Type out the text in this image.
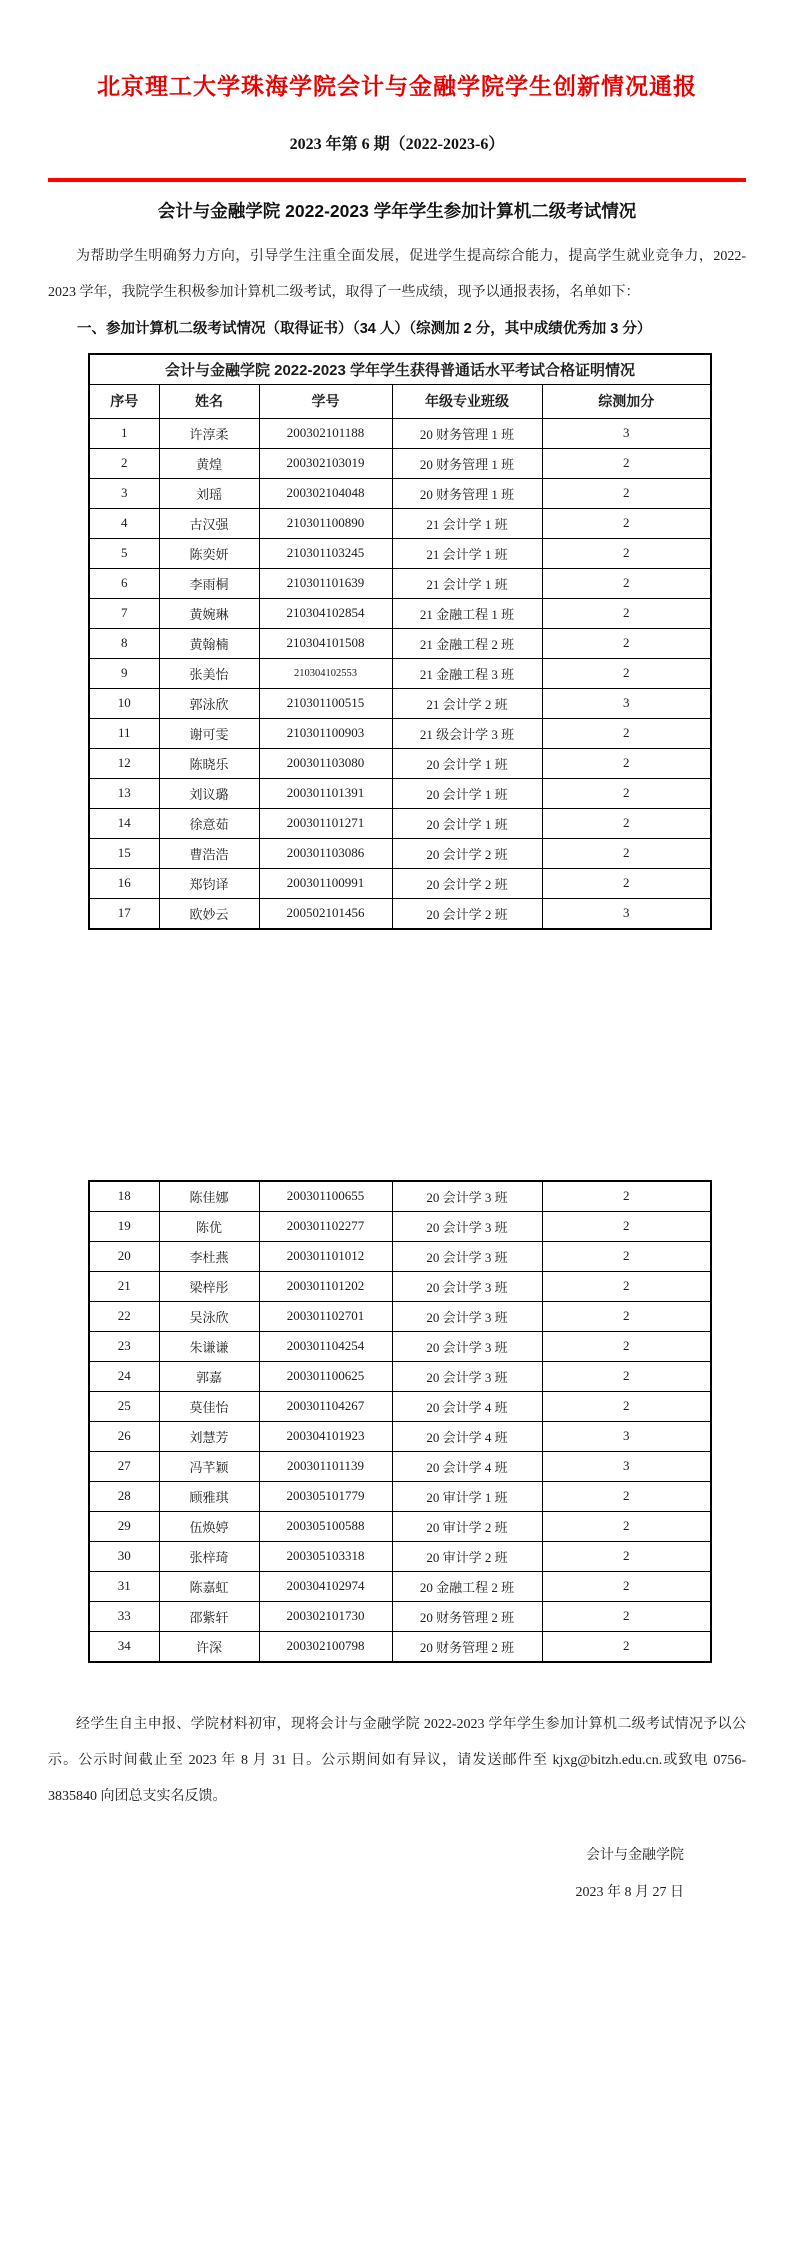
北京理工大学珠海学院会计与金融学院学生创新情况通报
2023 年第 6 期（2022-2023-6）
会计与金融学院 2022-2023 学年学生参加计算机二级考试情况

为帮助学生明确努力方向，引导学生注重全面发展，促进学生提高综合能力，提高学生就业竞争力，2022-2023 学年，我院学生积极参加计算机二级考试，取得了一些成绩，现予以通报表扬，名单如下：

一、参加计算机二级考试情况（取得证书）（34 人）（综测加 2 分，其中成绩优秀加 3 分）

会计与金融学院 2022-2023 学年学生获得普通话水平考试合格证明情况				
序号	姓名	学号	年级专业班级	综测加分
1	许淳柔	200302101188	20 财务管理 1 班	3
2	黄煌	200302103019	20 财务管理 1 班	2
3	刘瑶	200302104048	20 财务管理 1 班	2
4	古汉强	210301100890	21 会计学 1 班	2
5	陈奕妍	210301103245	21 会计学 1 班	2
6	李雨桐	210301101639	21 会计学 1 班	2
7	黄婉琳	210304102854	21 金融工程 1 班	2
8	黄翰楠	210304101508	21 金融工程 2 班	2
9	张美怡	210304102553	21 金融工程 3 班	2
10	郭泳欣	210301100515	21 会计学 2 班	3
11	谢可雯	210301100903	21 级会计学 3 班	2
12	陈晓乐	200301103080	20 会计学 1 班	2
13	刘议璐	200301101391	20 会计学 1 班	2
14	徐意茹	200301101271	20 会计学 1 班	2
15	曹浩浩	200301103086	20 会计学 2 班	2
16	郑钧译	200301100991	20 会计学 2 班	2
17	欧妙云	200502101456	20 会计学 2 班	3
18	陈佳娜	200301100655	20 会计学 3 班	2
19	陈优	200301102277	20 会计学 3 班	2
20	李杜燕	200301101012	20 会计学 3 班	2
21	梁梓彤	200301101202	20 会计学 3 班	2
22	吴泳欣	200301102701	20 会计学 3 班	2
23	朱谦谦	200301104254	20 会计学 3 班	2
24	郭嘉	200301100625	20 会计学 3 班	2
25	莫佳怡	200301104267	20 会计学 4 班	2
26	刘慧芳	200304101923	20 会计学 4 班	3
27	冯芊颖	200301101139	20 会计学 4 班	3
28	顾雅琪	200305101779	20 审计学 1 班	2
29	伍焕婷	200305100588	20 审计学 2 班	2
30	张梓琦	200305103318	20 审计学 2 班	2
31	陈嘉虹	200304102974	20 金融工程 2 班	2
33	邵紫轩	200302101730	20 财务管理 2 班	2
34	许深	200302100798	20 财务管理 2 班	2

经学生自主申报、学院材料初审，现将会计与金融学院 2022-2023 学年学生参加计算机二级考试情况予以公示。公示时间截止至 2023 年 8 月 31 日。公示期间如有异议，请发送邮件至 kjxg@bitzh.edu.cn.或致电 0756-3835840 向团总支实名反馈。

会计与金融学院
2023 年 8 月 27 日
